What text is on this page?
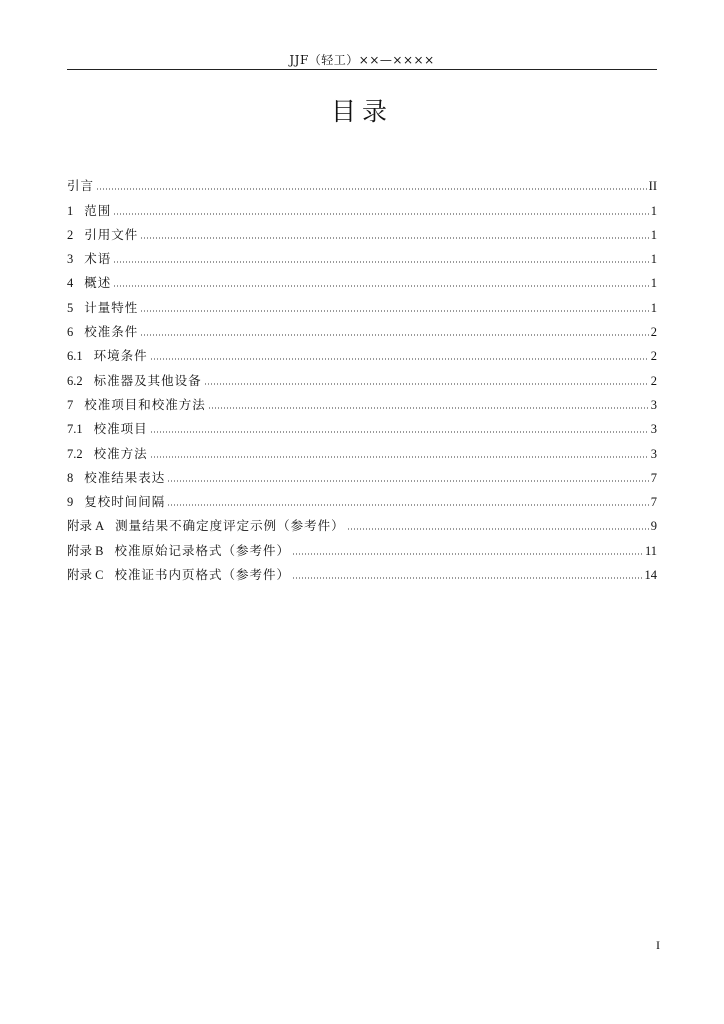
JJF（轻工）××—××××
目录
引言	II
1 范围	1
2 引用文件	1
3 术语	1
4 概述	1
5 计量特性	1
6 校准条件	2
6.1 环境条件	2
6.2 标准器及其他设备	2
7 校准项目和校准方法	3
7.1 校准项目	3
7.2 校准方法	3
8 校准结果表达	7
9 复校时间间隔	7
附录 A 测量结果不确定度评定示例（参考件）	9
附录 B 校准原始记录格式（参考件）	11
附录 C 校准证书内页格式（参考件）	14
I
